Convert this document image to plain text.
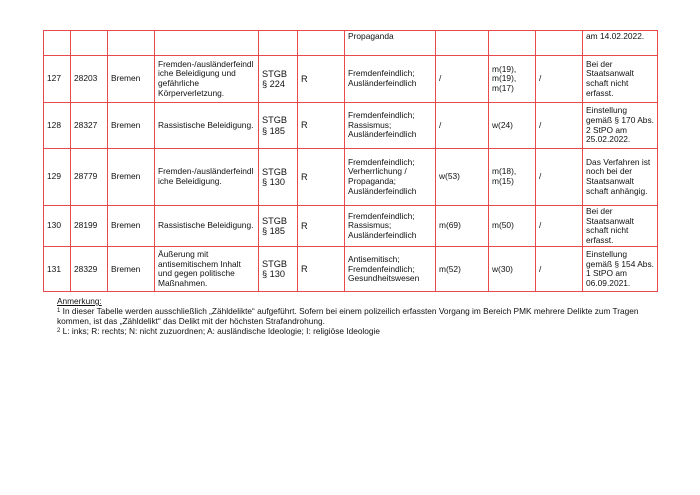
						Propaganda				am 14.02.2022.
127	28203	Bremen	Fremden-/ausländerfeindliche Beleidigung und gefährliche Körperverletzung.	STGB § 224	R	Fremdenfeindlich; Ausländerfeindlich	/	m(19), m(19), m(17)	/	Bei der Staatsanwalt schaft nicht erfasst.
128	28327	Bremen	Rassistische Beleidigung.	STGB § 185	R	Fremdenfeindlich; Rassismus; Ausländerfeindlich	/	w(24)	/	Einstellung gemäß § 170 Abs. 2 StPO am 25.02.2022.
129	28779	Bremen	Fremden-/ausländerfeindliche Beleidigung.	STGB § 130	R	Fremdenfeindlich; Verherrlichung / Propaganda; Ausländerfeindlich	w(53)	m(18), m(15)	/	Das Verfahren ist noch bei der Staatsanwalt schaft anhängig.
130	28199	Bremen	Rassistische Beleidigung.	STGB § 185	R	Fremdenfeindlich; Rassismus; Ausländerfeindlich	m(69)	m(50)	/	Bei der Staatsanwalt schaft nicht erfasst.
131	28329	Bremen	Äußerung mit antisemitischem Inhalt und gegen politische Maßnahmen.	STGB § 130	R	Antisemitisch; Fremdenfeindlich; Gesundheitswesen	m(52)	w(30)	/	Einstellung gemäß § 154 Abs. 1 StPO am 06.09.2021.
Anmerkung:
$^1$ In dieser Tabelle werden ausschließlich „Zähldelikte“ aufgeführt. Sofern bei einem polizeilich erfassten Vorgang im Bereich PMK mehrere Delikte zum Tragen kommen, ist das „Zähldelikt“ das Delikt mit der höchsten Strafandrohung.
$^2$ L: inks; R: rechts; N: nicht zuzuordnen; A: ausländische Ideologie; I: religiöse Ideologie
